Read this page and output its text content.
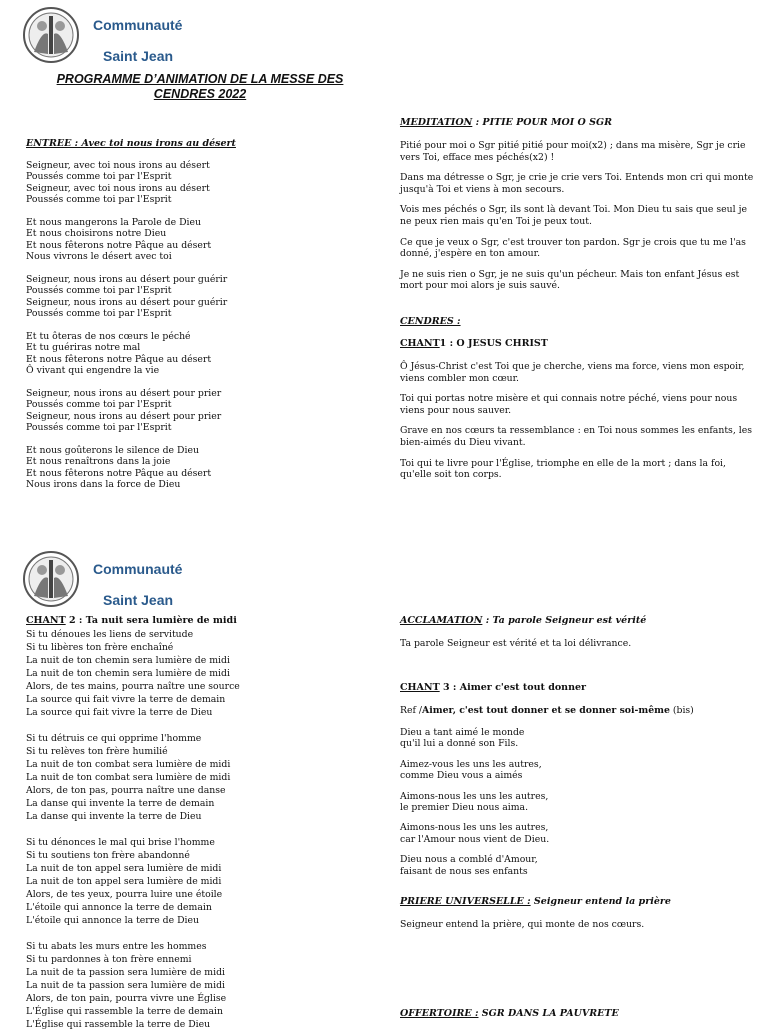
Communauté
Saint Jean
PROGRAMME D’ANIMATION DE LA MESSE DES
CENDRES 2022
ENTREE : Avec toi nous irons au désert
Seigneur, avec toi nous irons au désert
Poussés comme toi par l'Esprit
Seigneur, avec toi nous irons au désert
Poussés comme toi par l'Esprit
Et nous mangerons la Parole de Dieu
Et nous choisirons notre Dieu
Et nous fêterons notre Pâque au désert
Nous vivrons le désert avec toi
Seigneur, nous irons au désert pour guérir
Poussés comme toi par l'Esprit
Seigneur, nous irons au désert pour guérir
Poussés comme toi par l'Esprit
Et tu ôteras de nos cœurs le péché
Et tu guériras notre mal
Et nous fêterons notre Pâque au désert
Ô vivant qui engendre la vie
Seigneur, nous irons au désert pour prier
Poussés comme toi par l'Esprit
Seigneur, nous irons au désert pour prier
Poussés comme toi par l'Esprit
Et nous goûterons le silence de Dieu
Et nous renaîtrons dans la joie
Et nous fêterons notre Pâque au désert
Nous irons dans la force de Dieu
MEDITATION : PITIE POUR MOI O SGR

Pitié pour moi o Sgr pitié pitié pour moi(x2) ; dans ma misère, Sgr je crie vers Toi, efface mes péchés(x2) !

Dans ma détresse o Sgr, je crie je crie vers Toi. Entends mon cri qui monte jusqu'à Toi et viens à mon secours.

Vois mes péchés o Sgr, ils sont là devant Toi. Mon Dieu tu sais que seul je ne peux rien mais qu'en Toi je peux tout.

Ce que je veux o Sgr, c'est trouver ton pardon. Sgr je crois que tu me l'as donné, j'espère en ton amour.

Je ne suis rien o Sgr, je ne suis qu'un pécheur. Mais ton enfant Jésus est mort pour moi alors je suis sauvé.

CENDRES :
CHANT1 : O JESUS CHRIST

Ô Jésus-Christ c'est Toi que je cherche, viens ma force, viens mon espoir, viens combler mon cœur.

Toi qui portas notre misère et qui connais notre péché, viens pour nous viens pour nous sauver.

Grave en nos cœurs ta ressemblance : en Toi nous sommes les enfants, les bien-aimés du Dieu vivant.

Toi qui te livre pour l'Église, triomphe en elle de la mort ; dans la foi, qu'elle soit ton corps.

Communauté
Saint Jean
CHANT 2 : Ta nuit sera lumière de midi
Si tu dénoues les liens de servitude
Si tu libères ton frère enchaîné
La nuit de ton chemin sera lumière de midi
La nuit de ton chemin sera lumière de midi
Alors, de tes mains, pourra naître une source
La source qui fait vivre la terre de demain
La source qui fait vivre la terre de Dieu
Si tu détruis ce qui opprime l'homme
Si tu relèves ton frère humilié
La nuit de ton combat sera lumière de midi
La nuit de ton combat sera lumière de midi
Alors, de ton pas, pourra naître une danse
La danse qui invente la terre de demain
La danse qui invente la terre de Dieu
Si tu dénonces le mal qui brise l'homme
Si tu soutiens ton frère abandonné
La nuit de ton appel sera lumière de midi
La nuit de ton appel sera lumière de midi
Alors, de tes yeux, pourra luire une étoile
L'étoile qui annonce la terre de demain
L'étoile qui annonce la terre de Dieu
Si tu abats les murs entre les hommes
Si tu pardonnes à ton frère ennemi
La nuit de ta passion sera lumière de midi
La nuit de ta passion sera lumière de midi
Alors, de ton pain, pourra vivre une Église
L'Église qui rassemble la terre de demain
L'Église qui rassemble la terre de Dieu
ACCLAMATION : Ta parole Seigneur est vérité
Ta parole Seigneur est vérité et ta loi délivrance.
CHANT 3 : Aimer c'est tout donner
Ref /Aimer, c'est tout donner et se donner soi-même (bis)

Dieu a tant aimé le monde
qu'il lui a donné son Fils.

Aimez-vous les uns les autres,
comme Dieu vous a aimés

Aimons-nous les uns les autres,
le premier Dieu nous aima.

Aimons-nous les uns les autres,
car l'Amour nous vient de Dieu.

Dieu nous a comblé d'Amour,
faisant de nous ses enfants

PRIERE UNIVERSELLE : Seigneur entend la prière
Seigneur entend la prière, qui monte de nos cœurs.
OFFERTOIRE : SGR DANS LA PAUVRETE
